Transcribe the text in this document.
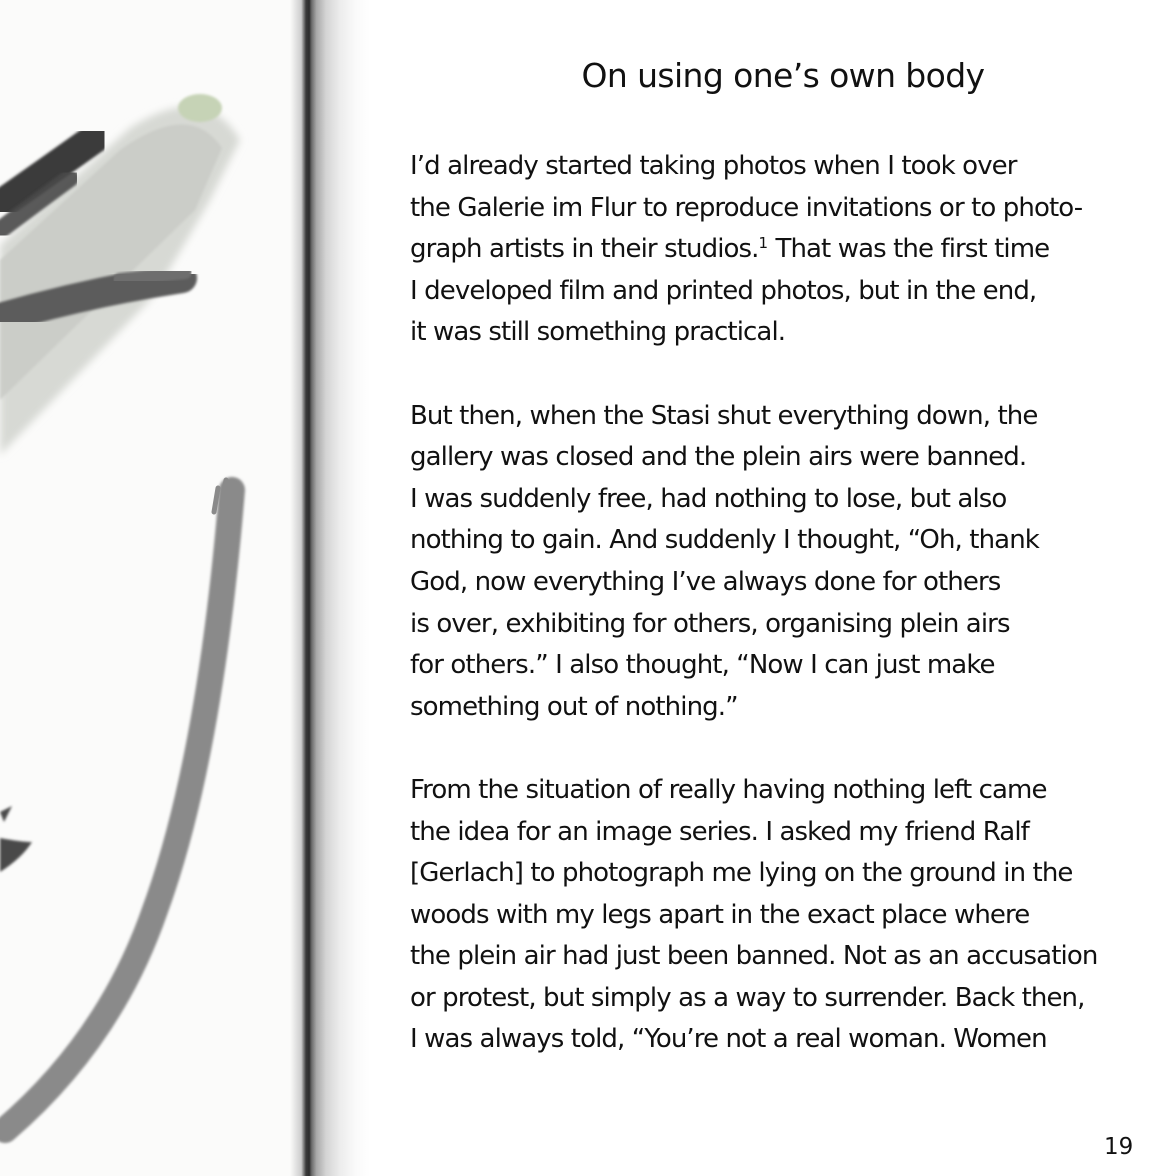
On using one’s own body

I’d already started taking photos when I took over
the Galerie im Flur to reproduce invitations or to photo-
graph artists in their studios.$^1$ That was the first time
I developed film and printed photos, but in the end,
it was still something practical.

But then, when the Stasi shut everything down, the
gallery was closed and the plein airs were banned.
I was suddenly free, had nothing to lose, but also
nothing to gain. And suddenly I thought, “Oh, thank
God, now everything I’ve always done for others
is over, exhibiting for others, organising plein airs
for others.” I also thought, “Now I can just make
something out of nothing.”

From the situation of really having nothing left came
the idea for an image series. I asked my friend Ralf
[Gerlach] to photograph me lying on the ground in the
woods with my legs apart in the exact place where
the plein air had just been banned. Not as an accusation
or protest, but simply as a way to surrender. Back then,
I was always told, “You’re not a real woman. Women

19
